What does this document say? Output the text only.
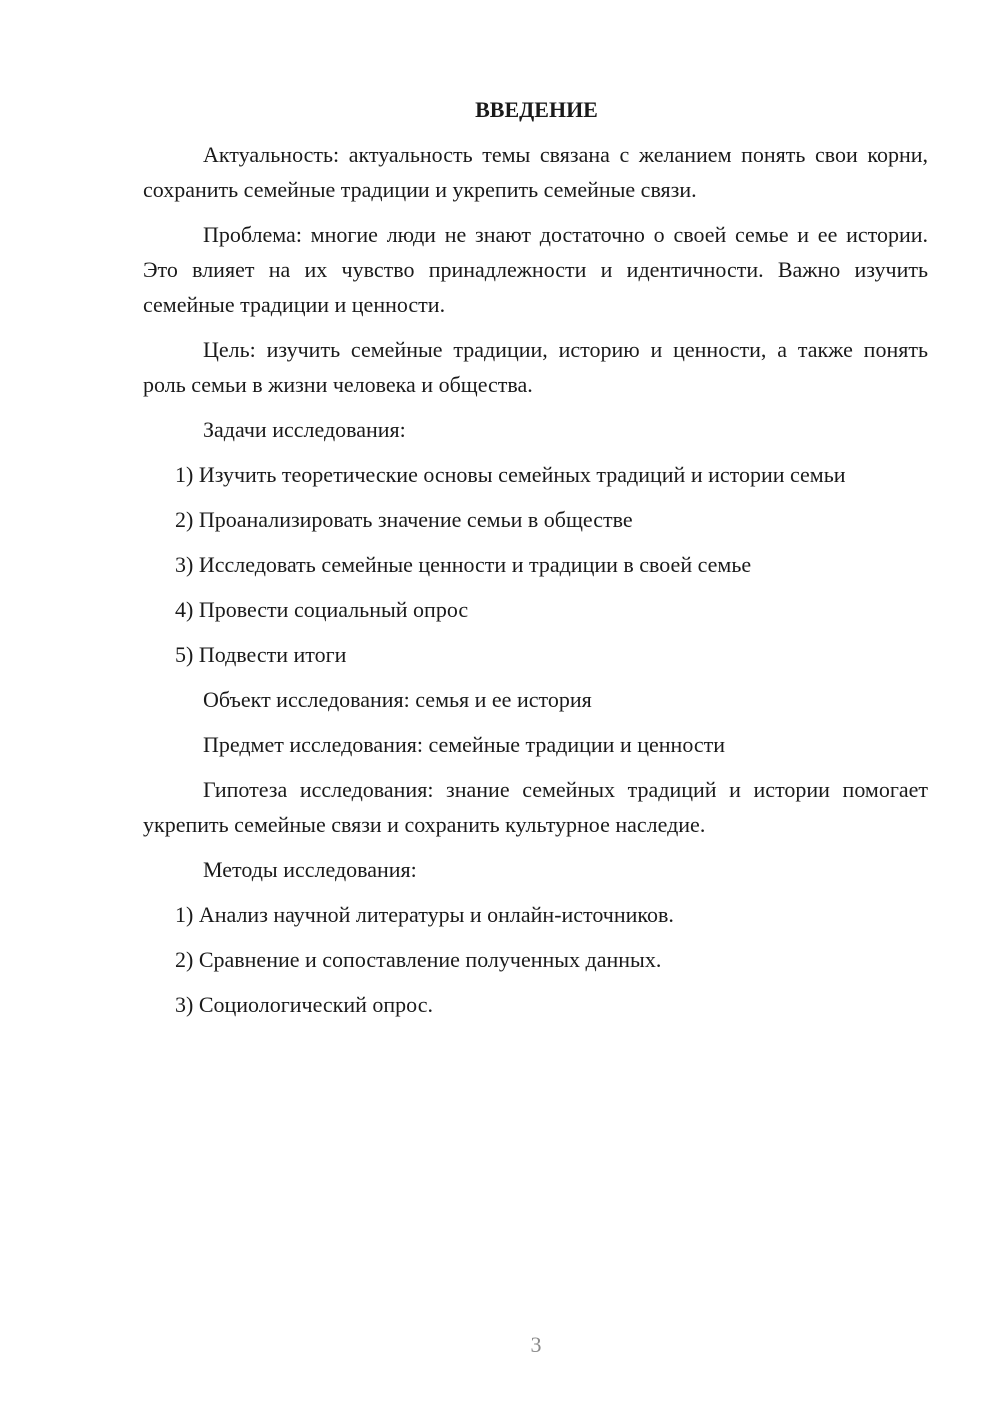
ВВЕДЕНИЕ

Актуальность: актуальность темы связана с желанием понять свои корни, сохранить семейные традиции и укрепить семейные связи.

Проблема: многие люди не знают достаточно о своей семье и ее истории. Это влияет на их чувство принадлежности и идентичности. Важно изучить семейные традиции и ценности.

Цель: изучить семейные традиции, историю и ценности, а также понять роль семьи в жизни человека и общества.

Задачи исследования:
1) Изучить теоретические основы семейных традиций и истории семьи
2) Проанализировать значение семьи в обществе
3) Исследовать семейные ценности и традиции в своей семье
4) Провести социальный опрос
5) Подвести итоги
Объект исследования: семья и ее история
Предмет исследования: семейные традиции и ценности

Гипотеза исследования: знание семейных традиций и истории помогает укрепить семейные связи и сохранить культурное наследие.

Методы исследования:
1) Анализ научной литературы и онлайн-источников.
2) Сравнение и сопоставление полученных данных.
3) Социологический опрос.
3
